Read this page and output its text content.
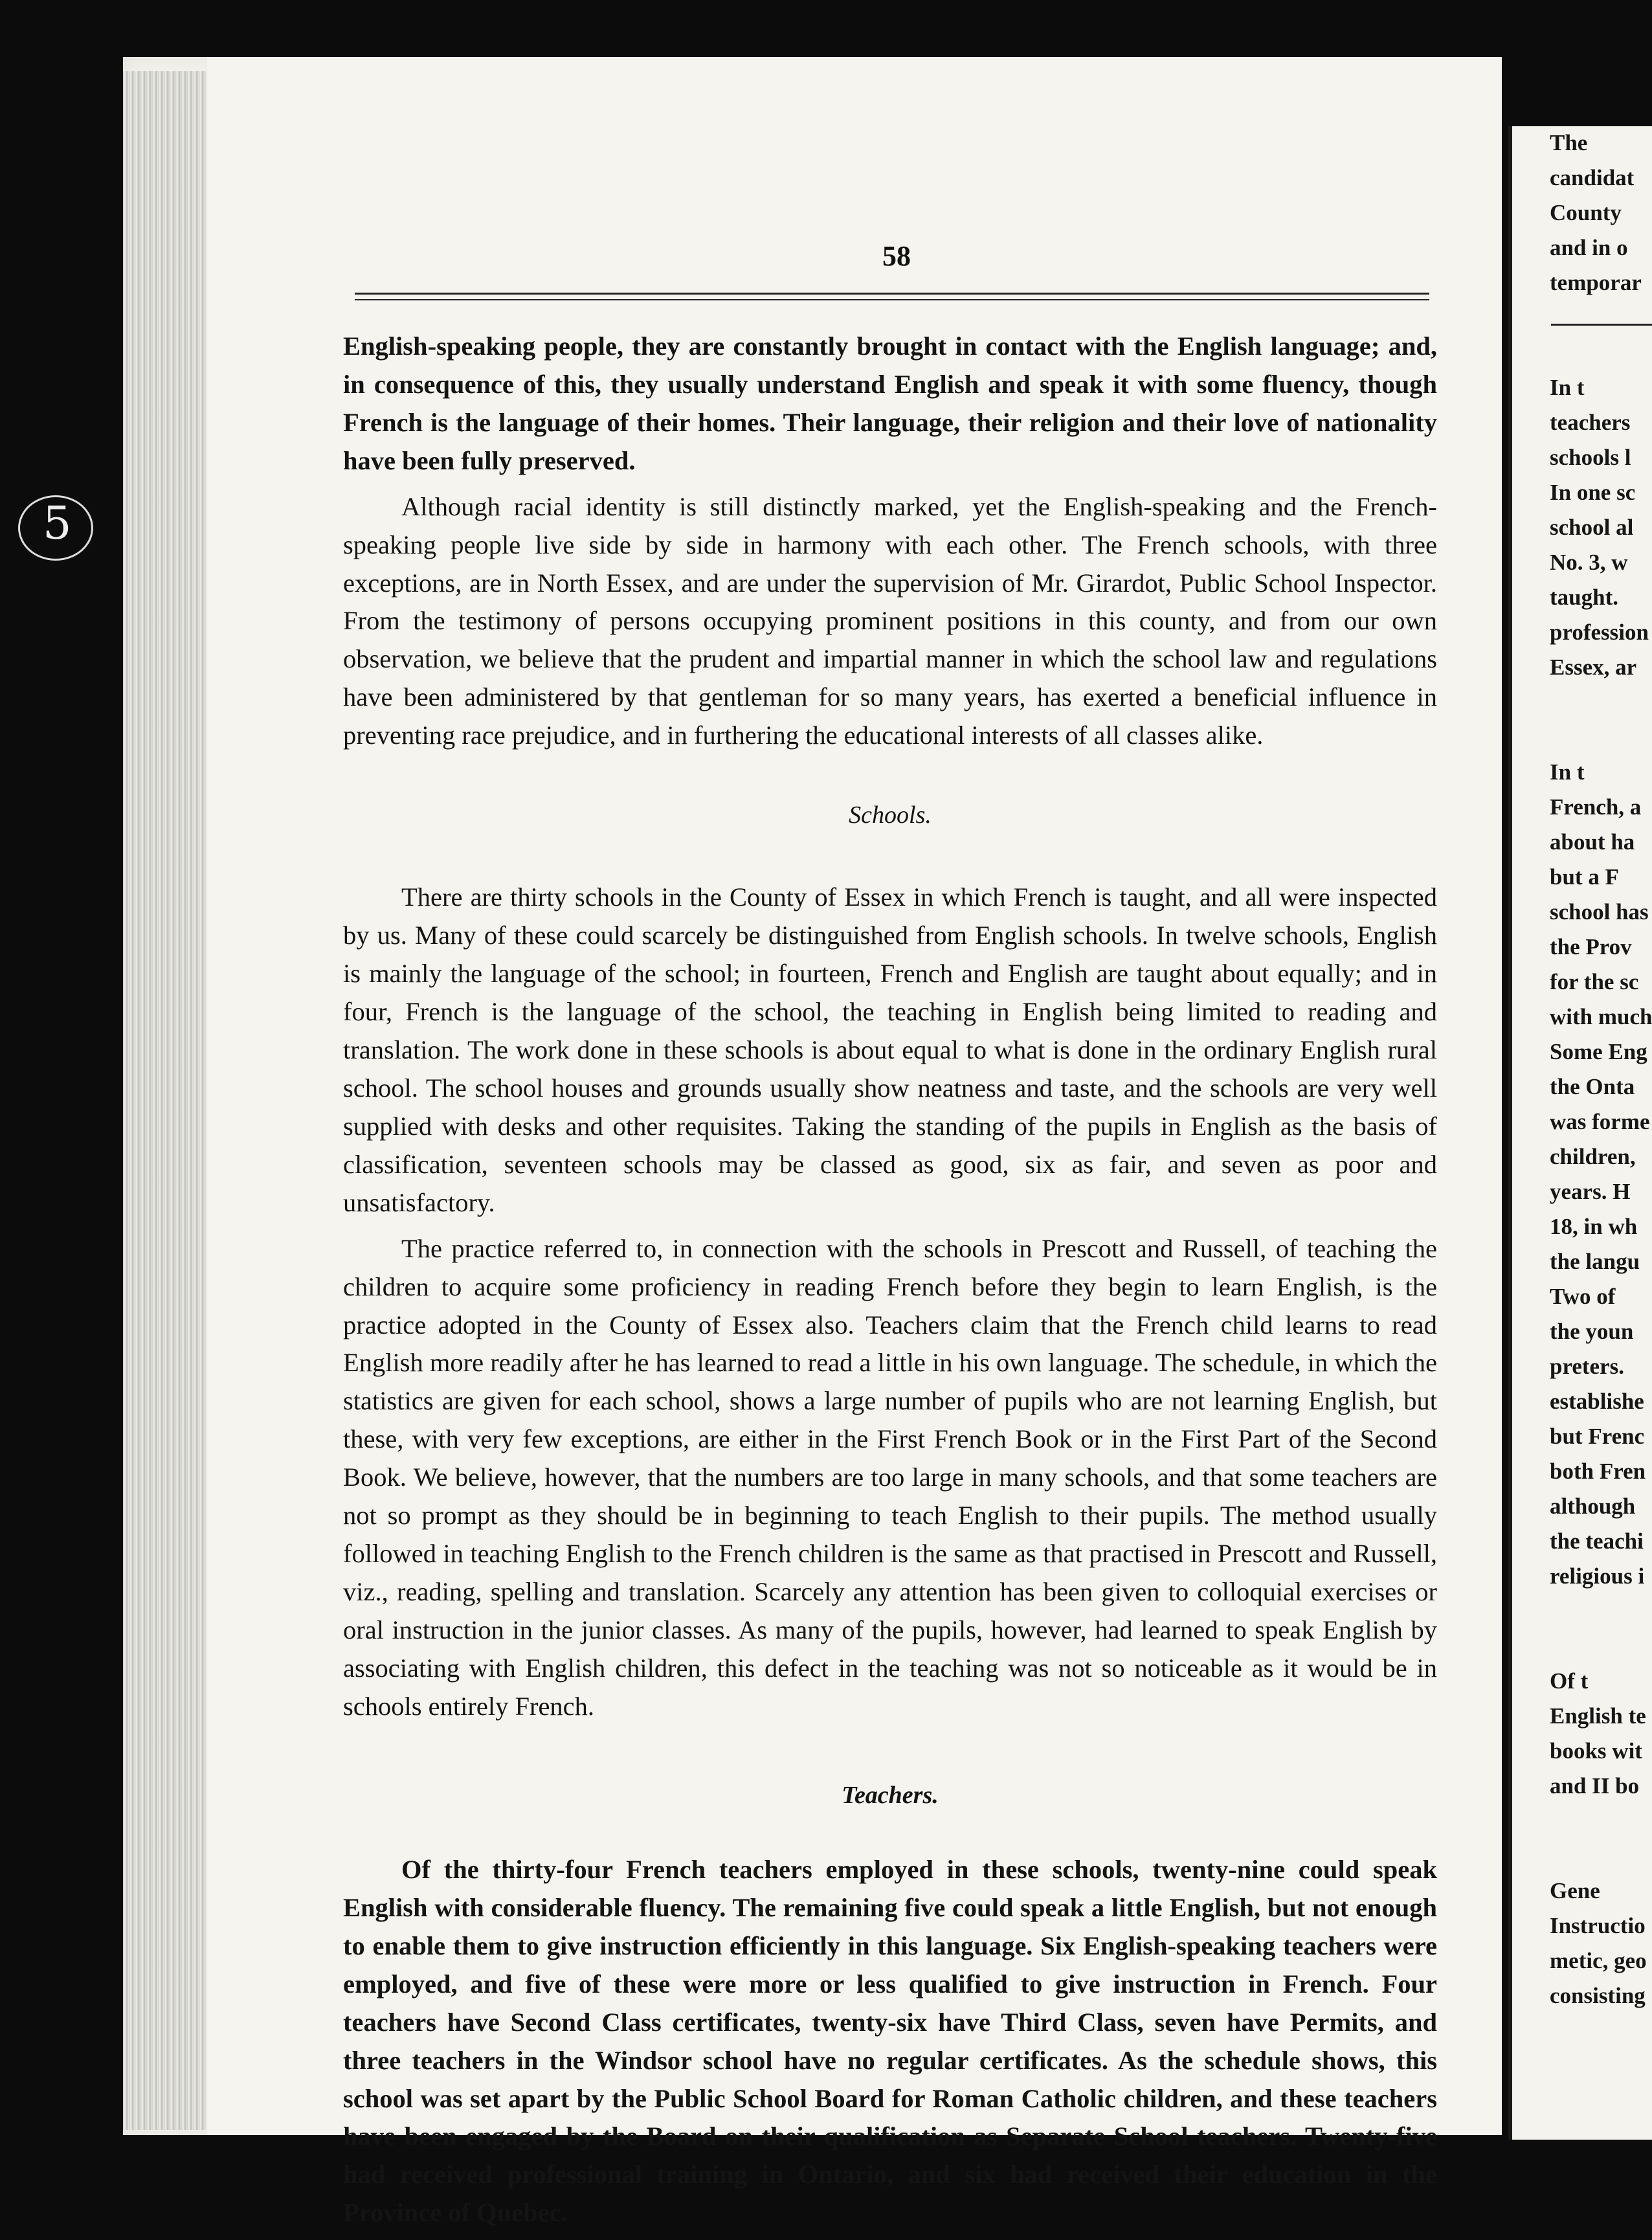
5
58

English-speaking people, they are constantly brought in contact with the English language; and, in consequence of this, they usually understand English and speak it with some fluency, though French is the language of their homes. Their language, their religion and their love of nationality have been fully preserved.

Although racial identity is still distinctly marked, yet the English-speaking and the French-speaking people live side by side in harmony with each other. The French schools, with three exceptions, are in North Essex, and are under the supervision of Mr. Girardot, Public School Inspector. From the testimony of persons occupying prominent positions in this county, and from our own observation, we believe that the prudent and impartial manner in which the school law and regulations have been administered by that gentleman for so many years, has exerted a beneficial influence in preventing race prejudice, and in furthering the educational interests of all classes alike.

Schools.

There are thirty schools in the County of Essex in which French is taught, and all were inspected by us. Many of these could scarcely be distinguished from English schools. In twelve schools, English is mainly the language of the school; in fourteen, French and English are taught about equally; and in four, French is the language of the school, the teaching in English being limited to reading and translation. The work done in these schools is about equal to what is done in the ordinary English rural school. The school houses and grounds usually show neatness and taste, and the schools are very well supplied with desks and other requisites. Taking the standing of the pupils in English as the basis of classification, seventeen schools may be classed as good, six as fair, and seven as poor and unsatisfactory.

The practice referred to, in connection with the schools in Prescott and Russell, of teaching the children to acquire some proficiency in reading French before they begin to learn English, is the practice adopted in the County of Essex also. Teachers claim that the French child learns to read English more readily after he has learned to read a little in his own language. The schedule, in which the statistics are given for each school, shows a large number of pupils who are not learning English, but these, with very few exceptions, are either in the First French Book or in the First Part of the Second Book. We believe, however, that the numbers are too large in many schools, and that some teachers are not so prompt as they should be in beginning to teach English to their pupils. The method usually followed in teaching English to the French children is the same as that practised in Prescott and Russell, viz., reading, spelling and translation. Scarcely any attention has been given to colloquial exercises or oral instruction in the junior classes. As many of the pupils, however, had learned to speak English by associating with English children, this defect in the teaching was not so noticeable as it would be in schools entirely French.

Teachers.

Of the thirty-four French teachers employed in these schools, twenty-nine could speak English with considerable fluency. The remaining five could speak a little English, but not enough to enable them to give instruction efficiently in this language. Six English-speaking teachers were employed, and five of these were more or less qualified to give instruction in French. Four teachers have Second Class certificates, twenty-six have Third Class, seven have Permits, and three teachers in the Windsor school have no regular certificates. As the schedule shows, this school was set apart by the Public School Board for Roman Catholic children, and these teachers have been engaged by the Board on their qualification as Separate School teachers. Twenty-five had received professional training in Ontario, and six had received their education in the Province of Quebec.

The
candidat
County
and in o
temporar
In t
teachers
schools l
In one sc
school al
No. 3, w
taught.
profession
Essex, ar
In t
French, a
about ha
but a F
school has
the Prov
for the sc
with much
Some Eng
the Onta
was forme
children,
years. H
18, in wh
the langu
Two of
the youn
preters.
establishe
but Frenc
both Fren
although
the teachi
religious i
Of t
English te
books wit
and II bo
Gene
Instructio
metic, geo
consisting
